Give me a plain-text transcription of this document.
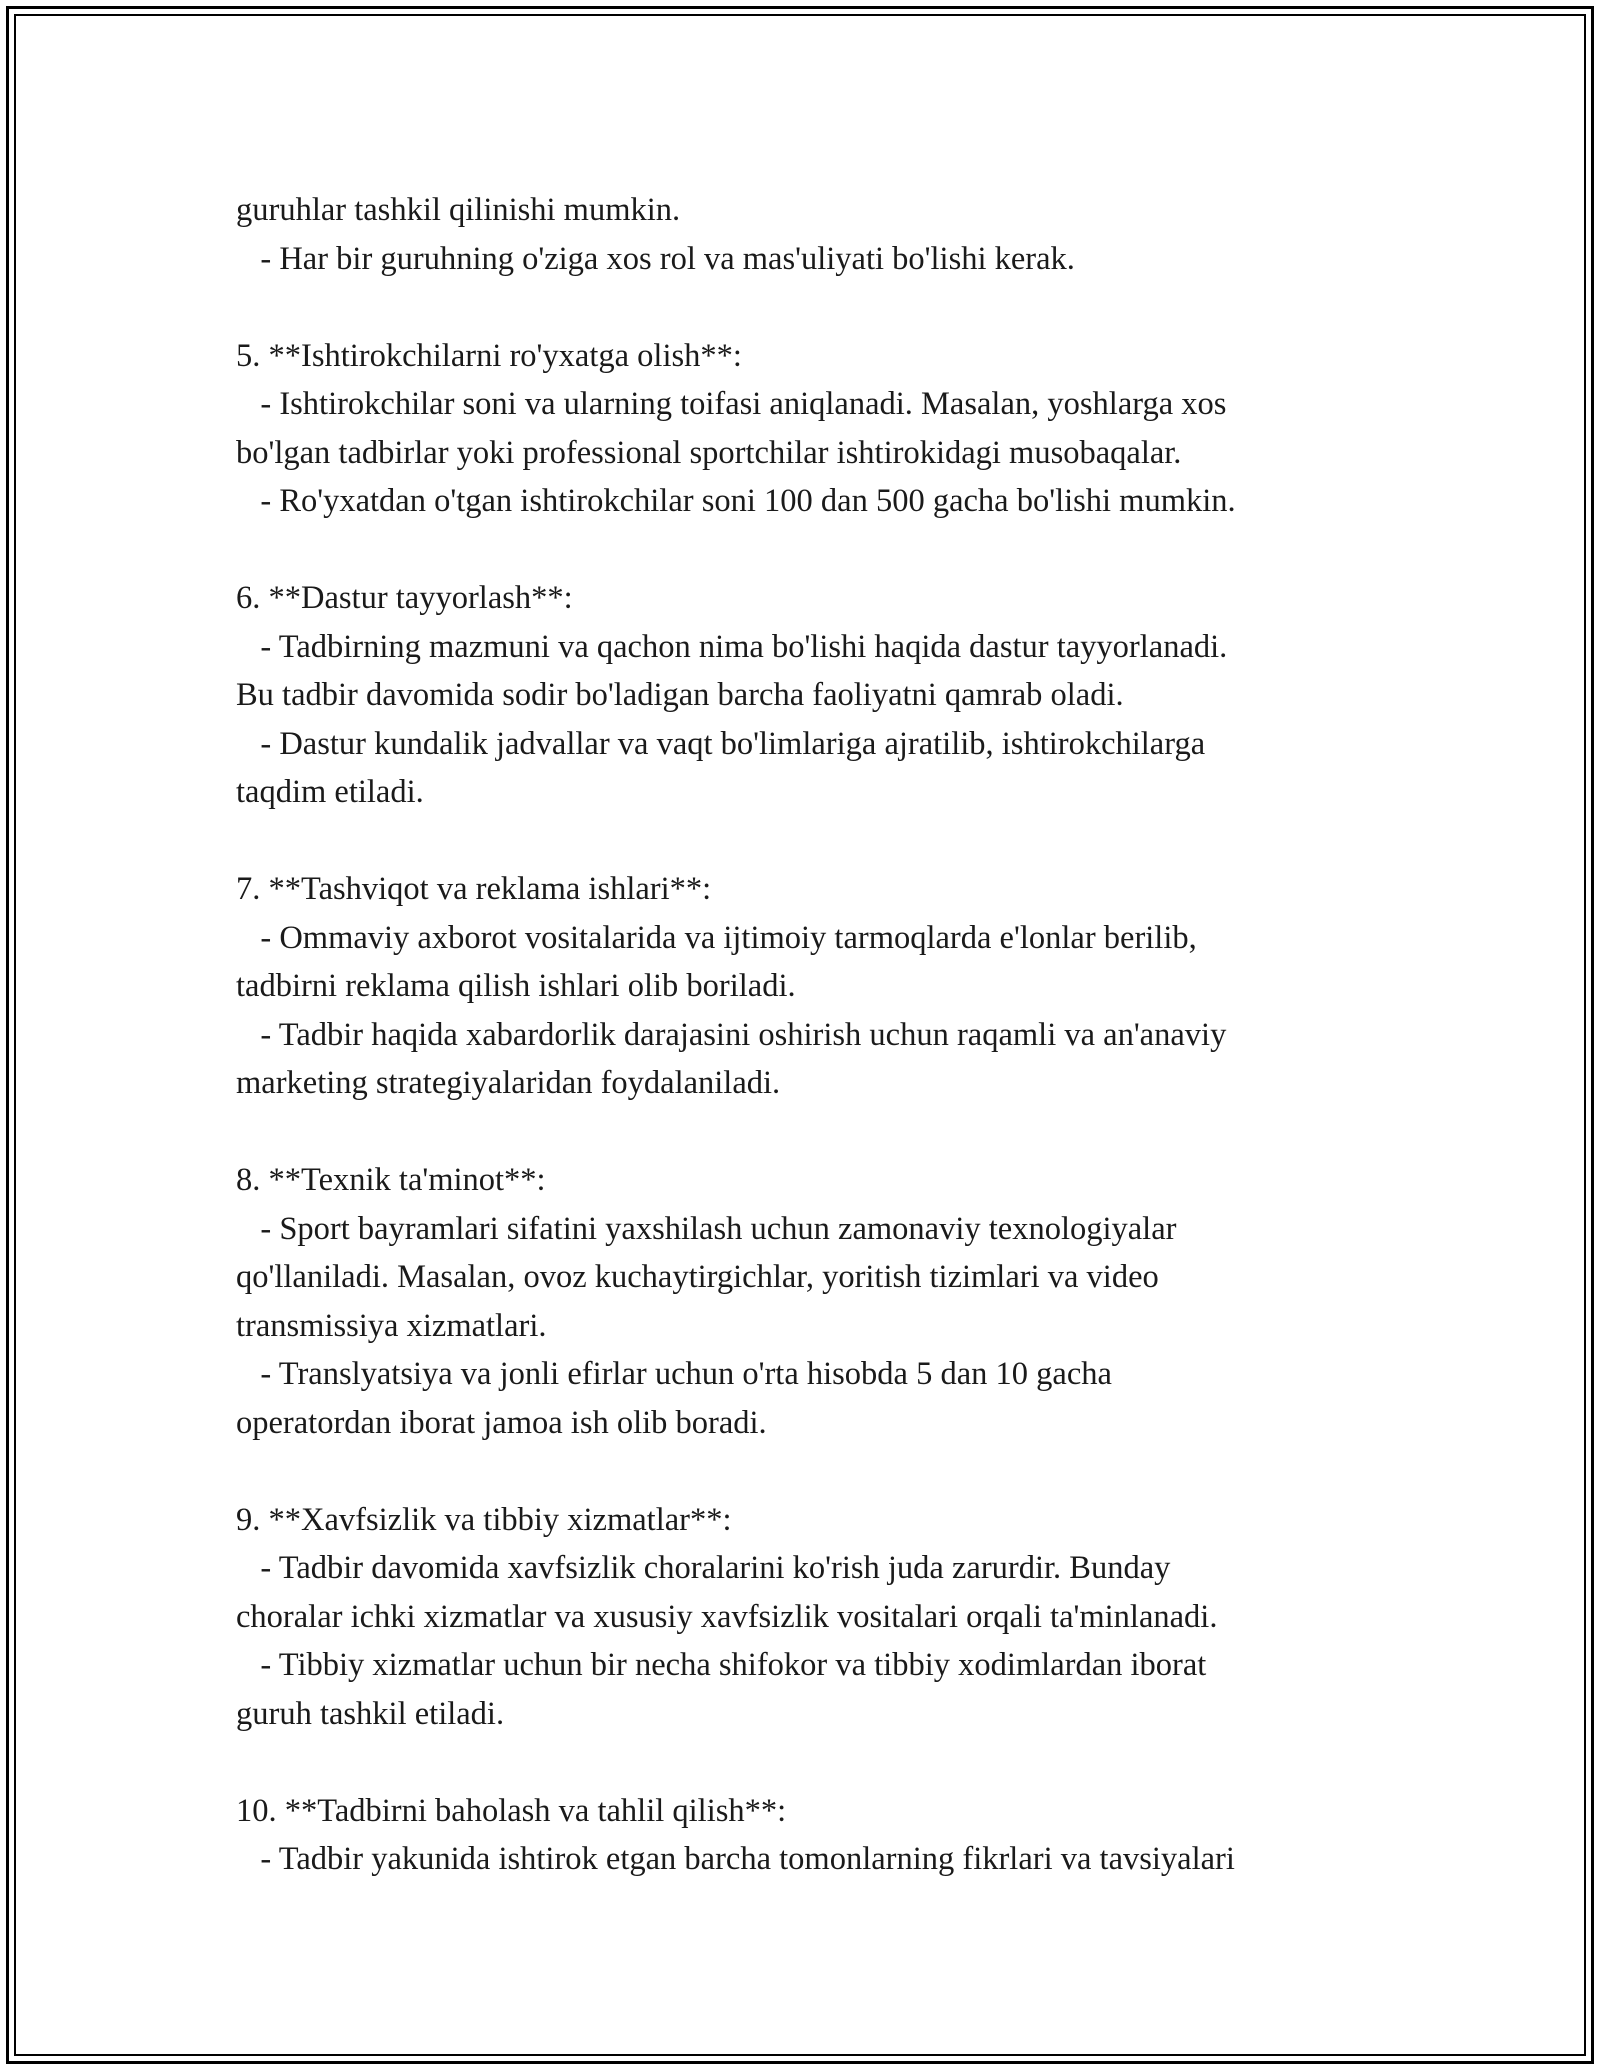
guruhlar tashkil qilinishi mumkin.
- Har bir guruhning o'ziga xos rol va mas'uliyati bo'lishi kerak.
5. **Ishtirokchilarni ro'yxatga olish**:
- Ishtirokchilar soni va ularning toifasi aniqlanadi. Masalan, yoshlarga xos
bo'lgan tadbirlar yoki professional sportchilar ishtirokidagi musobaqalar.
- Ro'yxatdan o'tgan ishtirokchilar soni 100 dan 500 gacha bo'lishi mumkin.
6. **Dastur tayyorlash**:
- Tadbirning mazmuni va qachon nima bo'lishi haqida dastur tayyorlanadi.
Bu tadbir davomida sodir bo'ladigan barcha faoliyatni qamrab oladi.
- Dastur kundalik jadvallar va vaqt bo'limlariga ajratilib, ishtirokchilarga
taqdim etiladi.
7. **Tashviqot va reklama ishlari**:
- Ommaviy axborot vositalarida va ijtimoiy tarmoqlarda e'lonlar berilib,
tadbirni reklama qilish ishlari olib boriladi.
- Tadbir haqida xabardorlik darajasini oshirish uchun raqamli va an'anaviy
marketing strategiyalaridan foydalaniladi.
8. **Texnik ta'minot**:
- Sport bayramlari sifatini yaxshilash uchun zamonaviy texnologiyalar
qo'llaniladi. Masalan, ovoz kuchaytirgichlar, yoritish tizimlari va video
transmissiya xizmatlari.
- Translyatsiya va jonli efirlar uchun o'rta hisobda 5 dan 10 gacha
operatordan iborat jamoa ish olib boradi.
9. **Xavfsizlik va tibbiy xizmatlar**:
- Tadbir davomida xavfsizlik choralarini ko'rish juda zarurdir. Bunday
choralar ichki xizmatlar va xususiy xavfsizlik vositalari orqali ta'minlanadi.
- Tibbiy xizmatlar uchun bir necha shifokor va tibbiy xodimlardan iborat
guruh tashkil etiladi.
10. **Tadbirni baholash va tahlil qilish**:
- Tadbir yakunida ishtirok etgan barcha tomonlarning fikrlari va tavsiyalari
